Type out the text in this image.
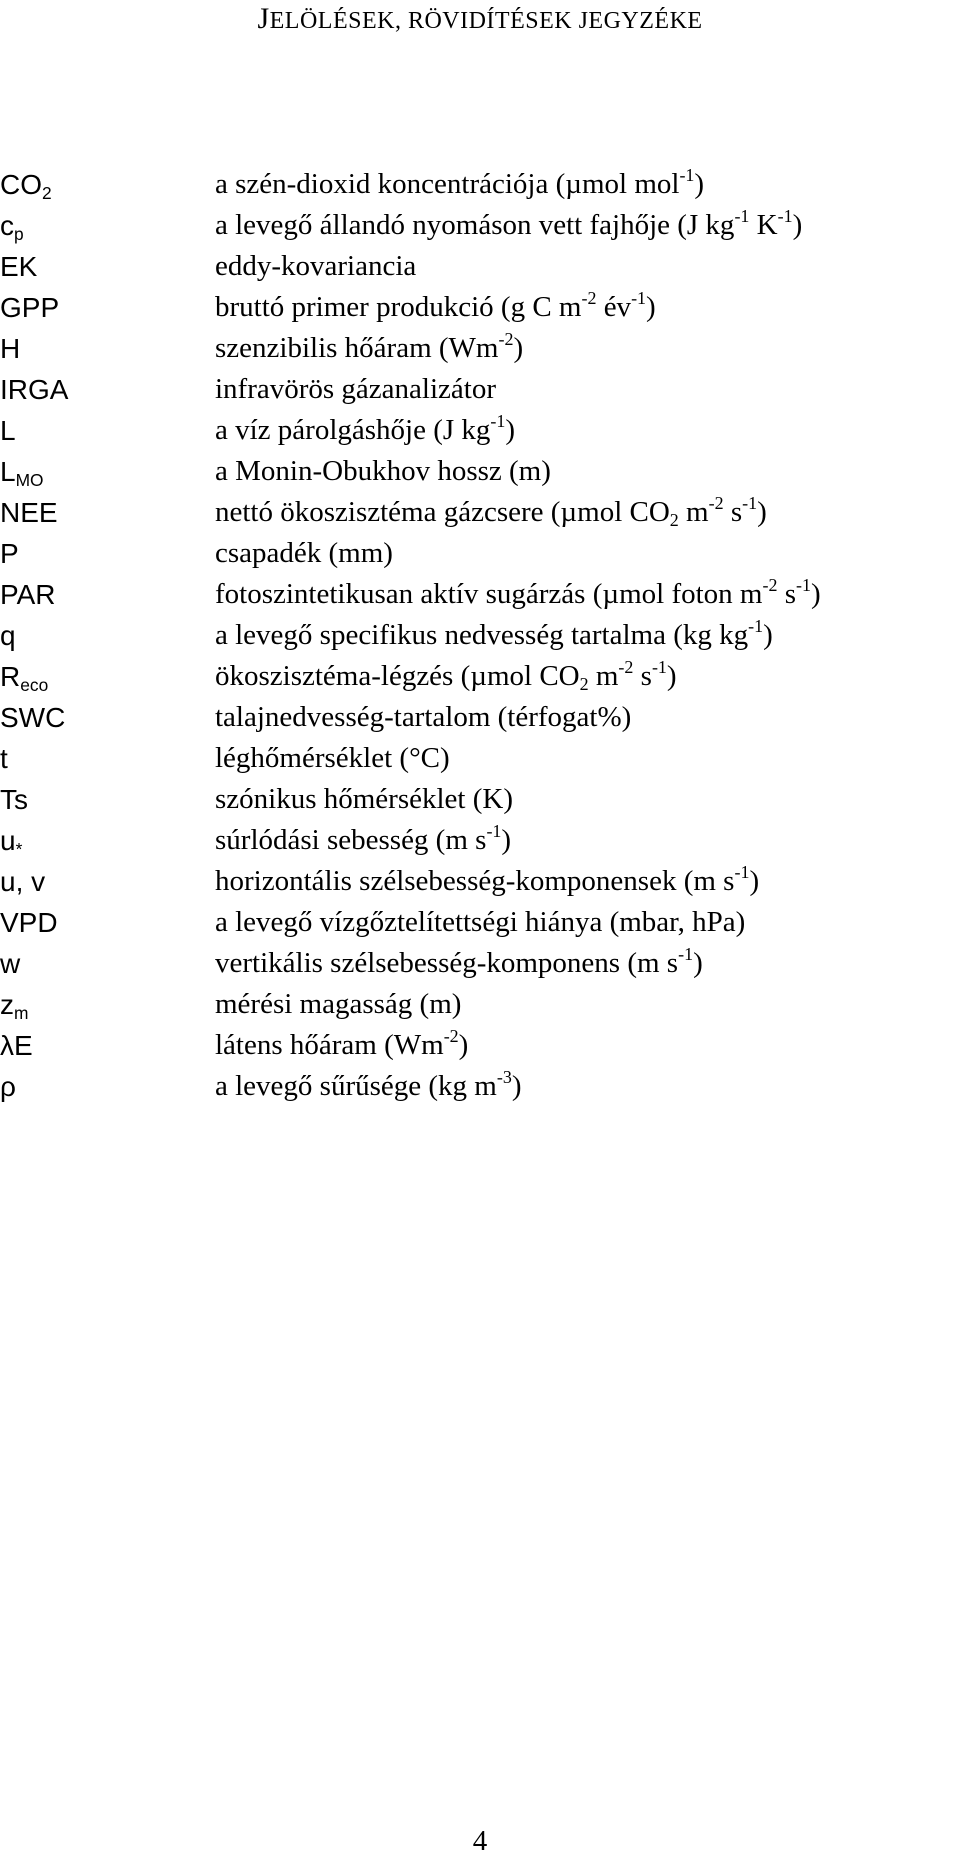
JELÖLÉSEK, RÖVIDÍTÉSEK JEGYZÉKE
$CO_2$	a szén-dioxid koncentrációja (µmol mol$^{-1}$)
$c_p$	a levegő állandó nyomáson vett fajhője (J $kg^{-1}$ $K^{-1}$)
EK	eddy-kovariancia
GPP	bruttó primer produkció (g C $m^{-2}$ $év^{-1}$)
H	szenzibilis hőáram $(Wm^{-2})$
IRGA	infravörös gázanalizátor
L	a víz párolgáshője (J $kg^{-1}$)
$L_{MO}$	a Monin-Obukhov hossz (m)
NEE	nettó ökoszisztéma gázcsere (µmol $CO_2$ $m^{-2}$ $s^{-1}$)
P	csapadék (mm)
PAR	fotoszintetikusan aktív sugárzás (µmol foton $m^{-2}$ $s^{-1}$)
q	a levegő specifikus nedvesség tartalma (kg $kg^{-1}$)
$R_{eco}$	ökoszisztéma-légzés (µmol $CO_2$ $m^{-2}$ $s^{-1}$)
SWC	talajnedvesség-tartalom (térfogat%)
t	léghőmérséklet (°C)
Ts	szónikus hőmérséklet (K)
$u_*$	súrlódási sebesség (m $s^{-1}$)
u, v	horizontális szélsebesség-komponensek (m $s^{-1}$)
VPD	a levegő vízgőztelítettségi hiánya (mbar, hPa)
w	vertikális szélsebesség-komponens (m $s^{-1}$)
$z_m$	mérési magasság (m)
λE	látens hőáram $(Wm^{-2})$
ρ	a levegő sűrűsége (kg $m^{-3}$)
4
